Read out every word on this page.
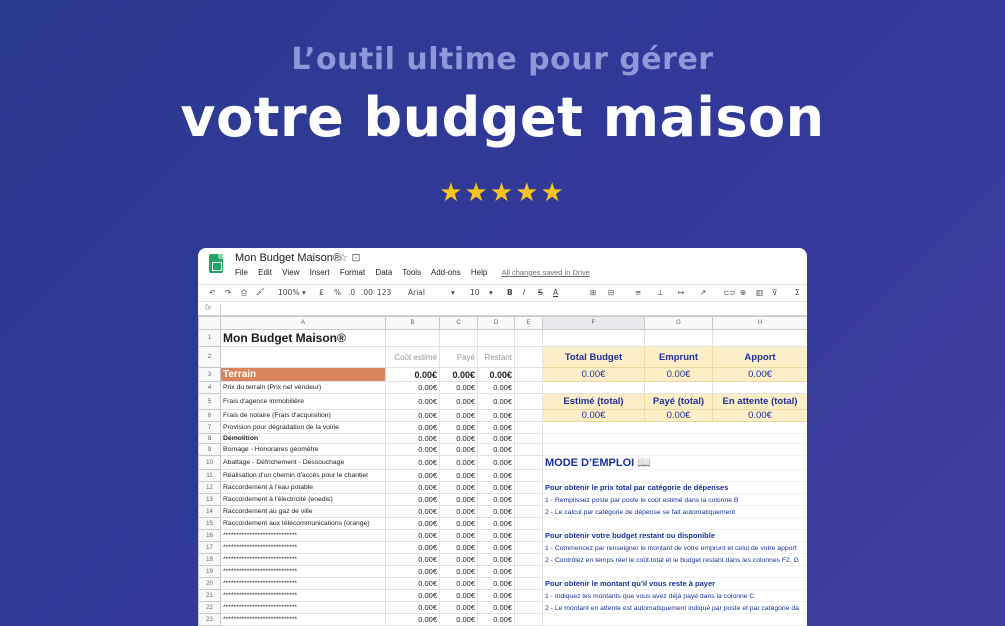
L’outil ultime pour gérer
votre budget maison
★★★★★
Mon Budget Maison®
☆ ⊡
File Edit View Insert Format Data Tools Add-ons Help All changes saved in Drive
↶ ↷ ⎙ 🖌 100% ▾ £ % .0 .00 123 Arial	▾ 10 ▾ B I S A	⊞ ⊟	≡ ⊥ ↦ ↗ ⊂⊃ ⊕ ▥ ⊽ Σ
fx
	A	B	C	D	E	F	G	H
1	Mon Budget Maison®							
2		Coût estimé	Payé	Restant		Total Budget	Emprunt	Apport
3	Terrain	0.00€	0.00€	0.00€		0.00€	0.00€	0.00€
4	Prix du terrain (Prix net vendeur)	0.00€	0.00€	0.00€				
5	Frais d'agence immobilière	0.00€	0.00€	0.00€		Estimé (total)	Payé (total)	En attente (total)
6	Frais de notaire (Frais d'acquisition)	0.00€	0.00€	0.00€		0.00€	0.00€	0.00€
7	Provision pour dégradation de la voirie	0.00€	0.00€	0.00€				
8	Démolition	0.00€	0.00€	0.00€				
9	Bornage - Honoraires géomètre	0.00€	0.00€	0.00€				
10	Abattage - Défrichement - Dessouchage	0.00€	0.00€	0.00€		MODE D’EMPLOI 📖		
11	Réalisation d'un chemin d'accès pour le chantier	0.00€	0.00€	0.00€				
12	Raccordement à l'eau potable	0.00€	0.00€	0.00€		Pour obtenir le prix total par catégorie de dépenses		
13	Raccordement à l'électricité (enedis)	0.00€	0.00€	0.00€		1 - Remplissez poste par poste le coût estimé dans la colonne B		
14	Raccordement au gaz de ville	0.00€	0.00€	0.00€		2 - Le calcul par catégorie de dépense se fait automatiquement		
15	Raccordement aux télécommunications (orange)	0.00€	0.00€	0.00€				
16	****************************	0.00€	0.00€	0.00€		Pour obtenir votre budget restant ou disponible		
17	****************************	0.00€	0.00€	0.00€		1 - Commencez par renseigner le montant de votre emprunt et celui de votre apport		
18	****************************	0.00€	0.00€	0.00€		2 - Contrôlez en temps réel le coût total et le budget restant dans les colonnes F2, G		
19	****************************	0.00€	0.00€	0.00€				
20	****************************	0.00€	0.00€	0.00€		Pour obtenir le montant qu’il vous reste à payer		
21	****************************	0.00€	0.00€	0.00€		1 - Indiquez les montants que vous avez déjà payé dans la colonne C		
22	****************************	0.00€	0.00€	0.00€		2 - Le montant en attente est automatiquement indiqué par poste et par catégorie da		
23	****************************	0.00€	0.00€	0.00€				
